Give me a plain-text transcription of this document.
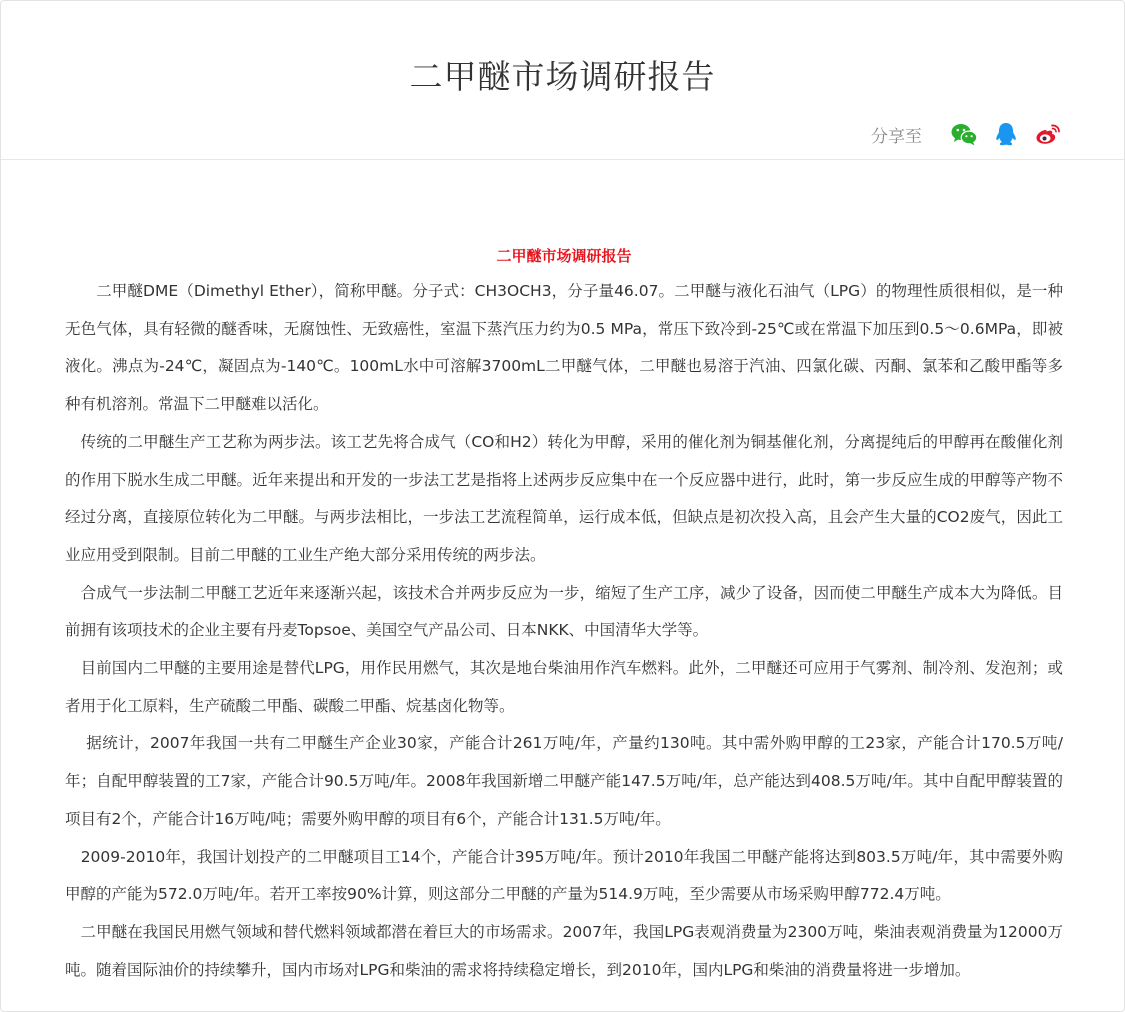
二甲醚市场调研报告
分享至
二甲醚市场调研报告

　　二甲醚DME（Dimethyl Ether），简称甲醚。分子式：CH3OCH3，分子量46.07。二甲醚与液化石油气（LPG）的物理性质很相似，是一种无色气体，具有轻微的醚香味，无腐蚀性、无致癌性，室温下蒸汽压力约为0.5 MPa，常压下致冷到-25℃或在常温下加压到0.5～0.6MPa，即被液化。沸点为-24℃，凝固点为-140℃。100mL水中可溶解3700mL二甲醚气体，二甲醚也易溶于汽油、四氯化碳、丙酮、氯苯和乙酸甲酯等多种有机溶剂。常温下二甲醚难以活化。

　传统的二甲醚生产工艺称为两步法。该工艺先将合成气（CO和H2）转化为甲醇，采用的催化剂为铜基催化剂，分离提纯后的甲醇再在酸催化剂的作用下脱水生成二甲醚。近年来提出和开发的一步法工艺是指将上述两步反应集中在一个反应器中进行，此时，第一步反应生成的甲醇等产物不经过分离，直接原位转化为二甲醚。与两步法相比，一步法工艺流程简单，运行成本低，但缺点是初次投入高，且会产生大量的CO2废气，因此工业应用受到限制。目前二甲醚的工业生产绝大部分采用传统的两步法。

　合成气一步法制二甲醚工艺近年来逐渐兴起，该技术合并两步反应为一步，缩短了生产工序，减少了设备，因而使二甲醚生产成本大为降低。目前拥有该项技术的企业主要有丹麦Topsoe、美国空气产品公司、日本NKK、中国清华大学等。

　目前国内二甲醚的主要用途是替代LPG，用作民用燃气，其次是地台柴油用作汽车燃料。此外，二甲醚还可应用于气雾剂、制冷剂、发泡剂；或者用于化工原料，生产硫酸二甲酯、碳酸二甲酯、烷基卤化物等。

　 据统计，2007年我国一共有二甲醚生产企业30家，产能合计261万吨/年，产量约130吨。其中需外购甲醇的工23家，产能合计170.5万吨/年；自配甲醇装置的工7家，产能合计90.5万吨/年。2008年我国新增二甲醚产能147.5万吨/年，总产能达到408.5万吨/年。其中自配甲醇装置的项目有2个，产能合计16万吨/吨；需要外购甲醇的项目有6个，产能合计131.5万吨/年。

　2009-2010年，我国计划投产的二甲醚项目工14个，产能合计395万吨/年。预计2010年我国二甲醚产能将达到803.5万吨/年，其中需要外购甲醇的产能为572.0万吨/年。若开工率按90%计算，则这部分二甲醚的产量为514.9万吨，至少需要从市场采购甲醇772.4万吨。

　二甲醚在我国民用燃气领域和替代燃料领域都潜在着巨大的市场需求。2007年，我国LPG表观消费量为2300万吨，柴油表观消费量为12000万吨。随着国际油价的持续攀升，国内市场对LPG和柴油的需求将持续稳定增长，到2010年，国内LPG和柴油的消费量将进一步增加。
